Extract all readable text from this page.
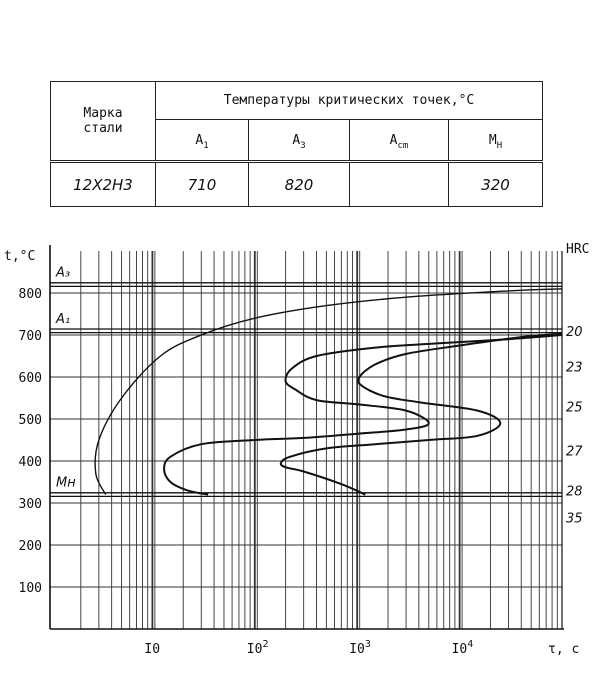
Марка
стали	Температуры критических точек,°C			
	$A_1$	$A_3$	$A_{cm}$	$M_H$
12X2H3	710	820		320
A₃
A₁
Mн
100
200
300
400
500
600
700
800
I0	$I0^2$	$I0^3$	$I0^4$
t,°C
τ, c
HRC
20
23
25
27
28
35
